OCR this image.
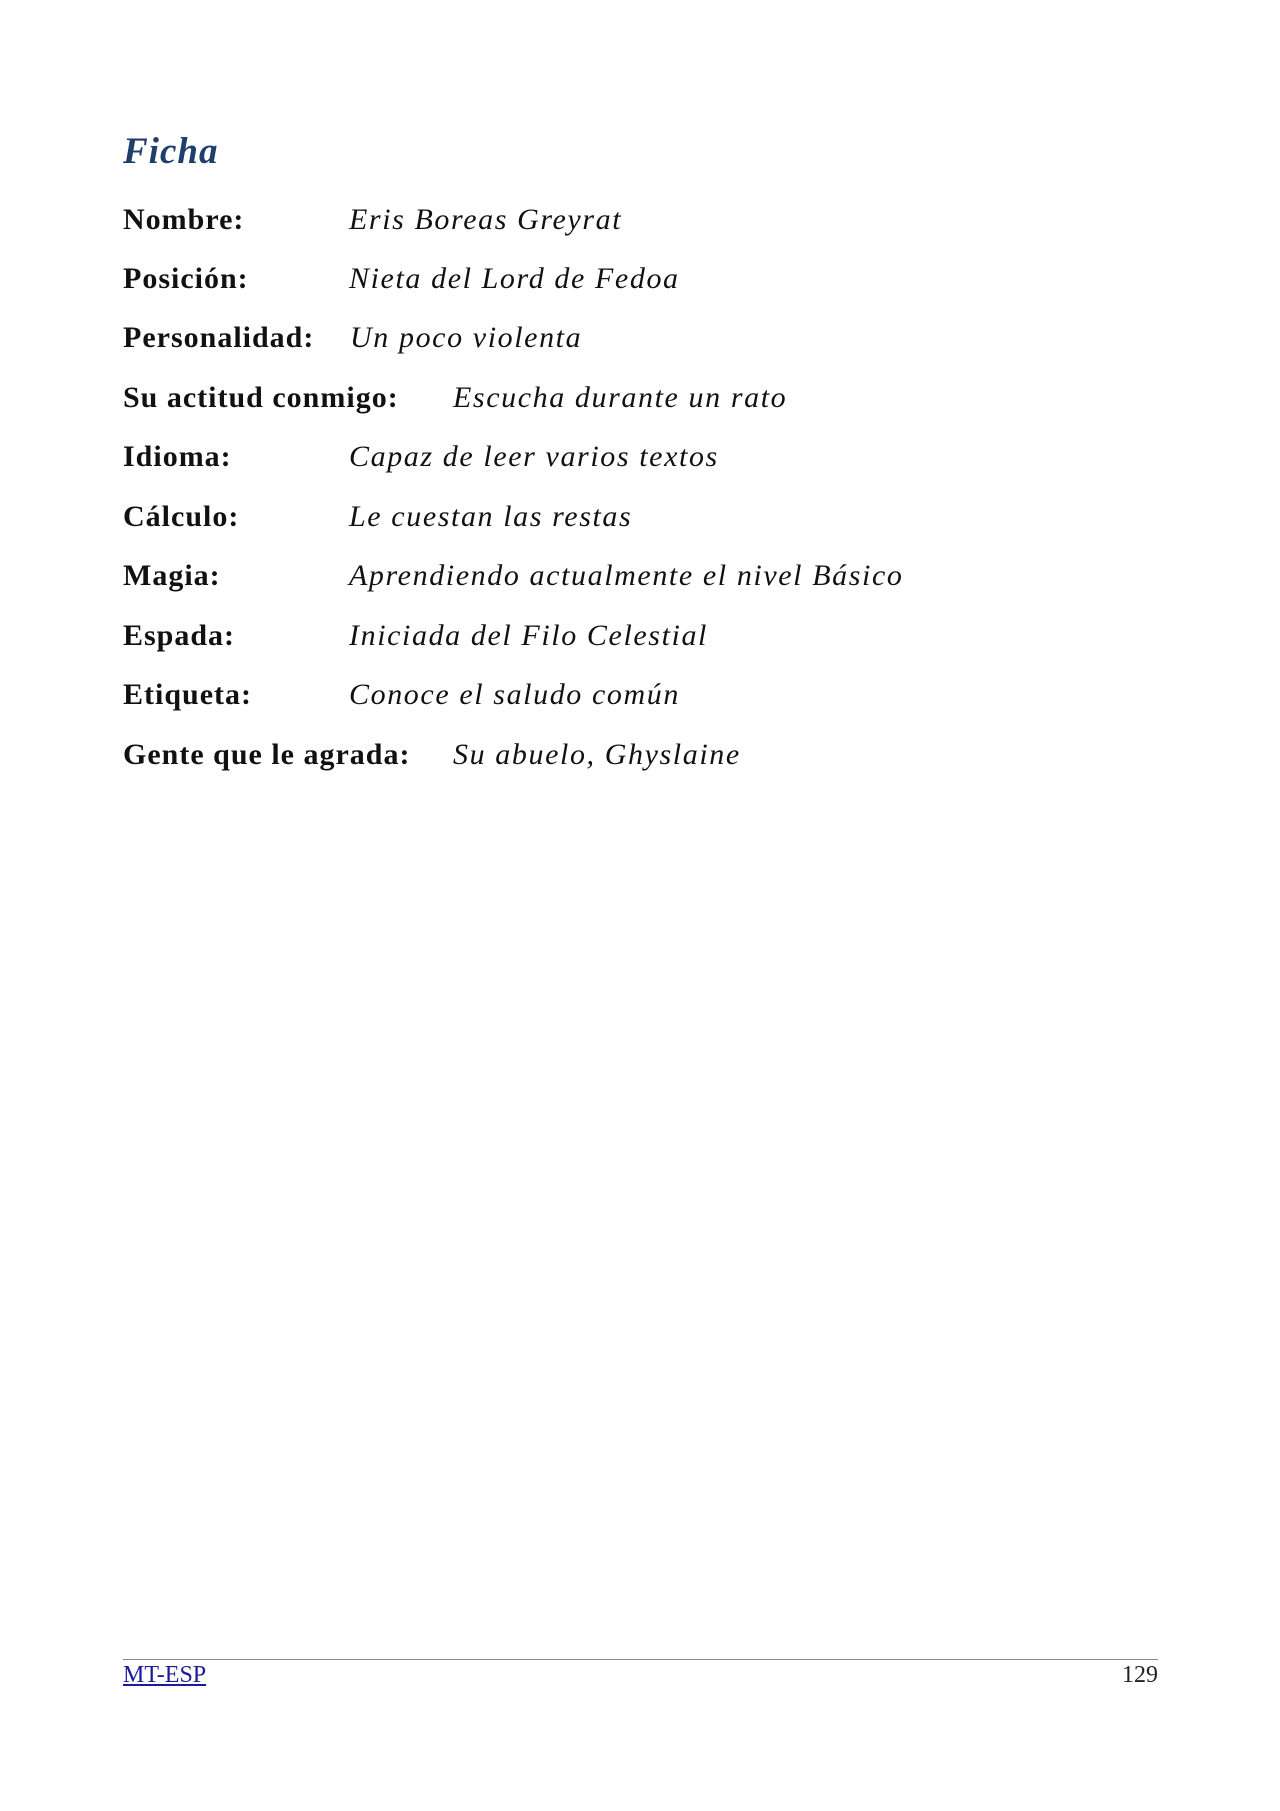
Ficha
Nombre:	Eris Boreas Greyrat
Posición:	Nieta del Lord de Fedoa
Personalidad: Un poco violenta
Su actitud conmigo: Escucha durante un rato
Idioma:	Capaz de leer varios textos
Cálculo:	Le cuestan las restas
Magia:	Aprendiendo actualmente el nivel Básico
Espada:	Iniciada del Filo Celestial
Etiqueta:	Conoce el saludo común
Gente que le agrada: Su abuelo, Ghyslaine
MT-ESP	129
